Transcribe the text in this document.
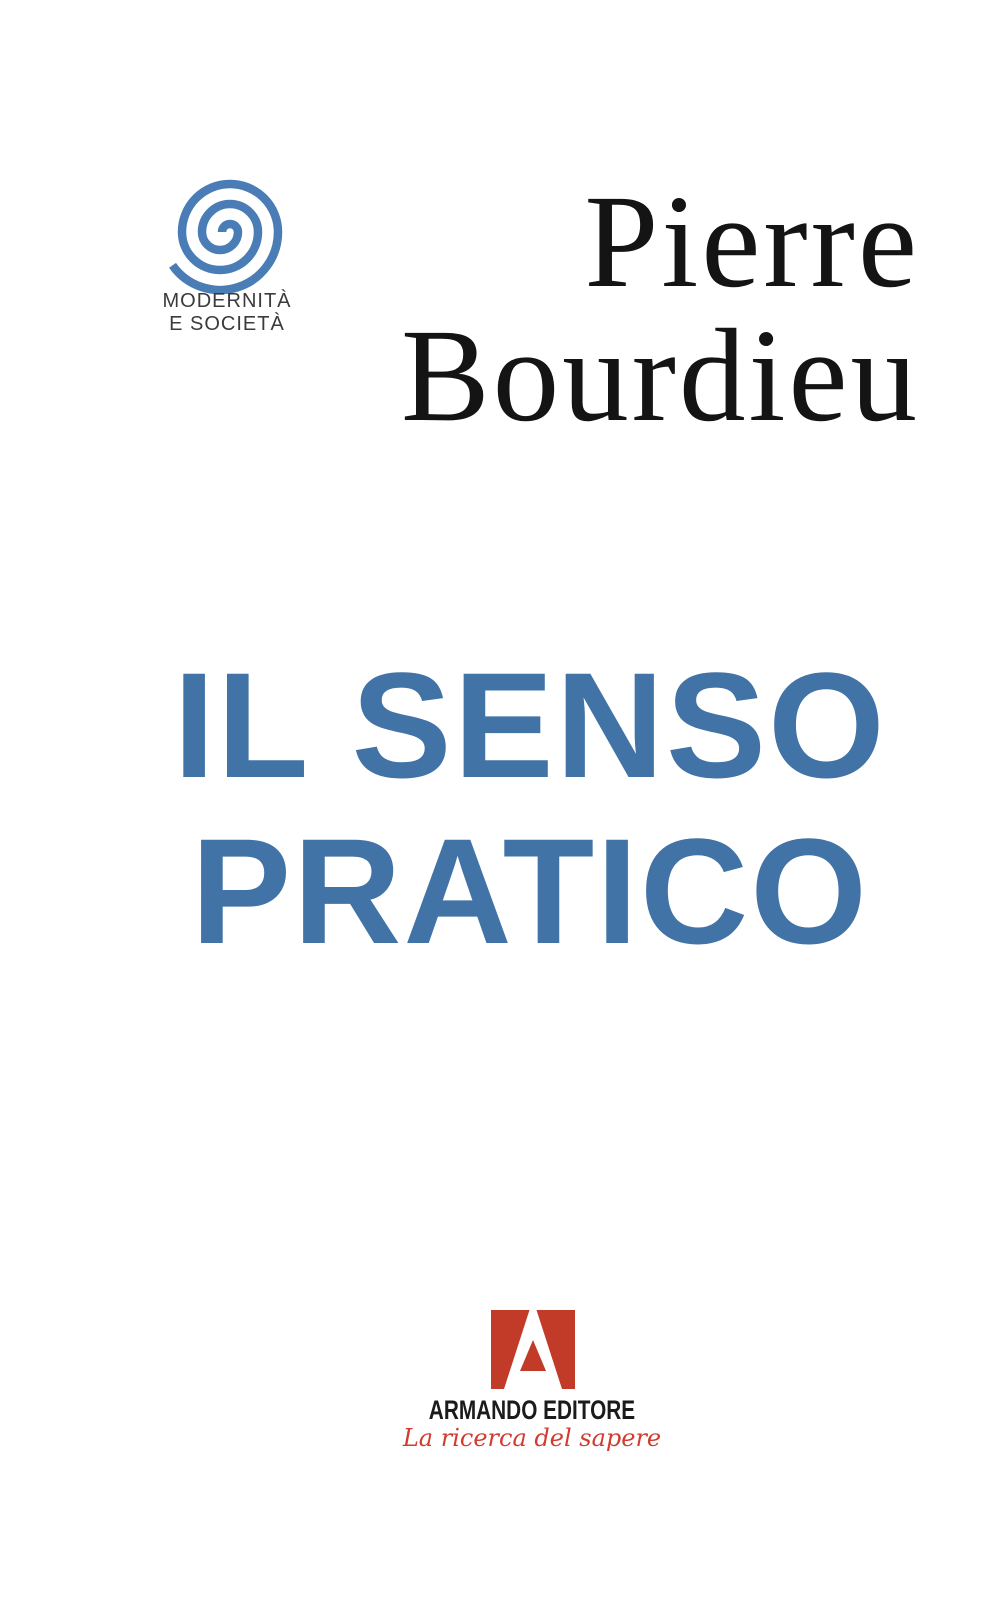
MODERNITÀ
E SOCIETÀ
Pierre
Bourdieu
IL SENSO
PRATICO
ARMANDO EDITORE
La ricerca del sapere
